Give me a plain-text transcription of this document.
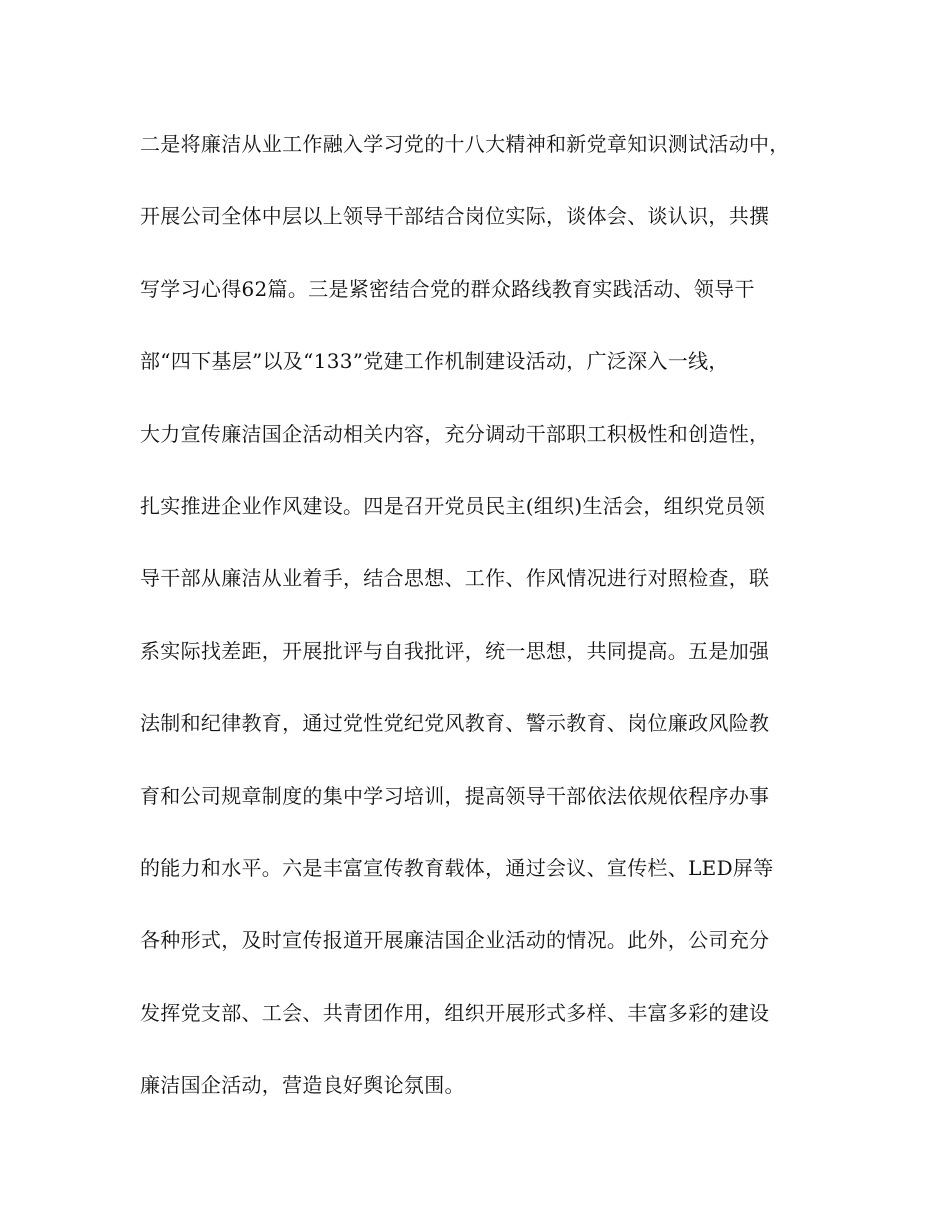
二是将廉洁从业工作融入学习党的十八大精神和新党章知识测试活动中，
开展公司全体中层以上领导干部结合岗位实际，谈体会、谈认识，共撰
写学习心得62篇。三是紧密结合党的群众路线教育实践活动、领导干
部“四下基层”以及“133”党建工作机制建设活动，广泛深入一线，
大力宣传廉洁国企活动相关内容，充分调动干部职工积极性和创造性，
扎实推进企业作风建设。四是召开党员民主(组织)生活会，组织党员领
导干部从廉洁从业着手，结合思想、工作、作风情况进行对照检查，联
系实际找差距，开展批评与自我批评，统一思想，共同提高。五是加强
法制和纪律教育，通过党性党纪党风教育、警示教育、岗位廉政风险教
育和公司规章制度的集中学习培训，提高领导干部依法依规依程序办事
的能力和水平。六是丰富宣传教育载体，通过会议、宣传栏、LED屏等
各种形式，及时宣传报道开展廉洁国企业活动的情况。此外，公司充分
发挥党支部、工会、共青团作用，组织开展形式多样、丰富多彩的建设
廉洁国企活动，营造良好舆论氛围。
